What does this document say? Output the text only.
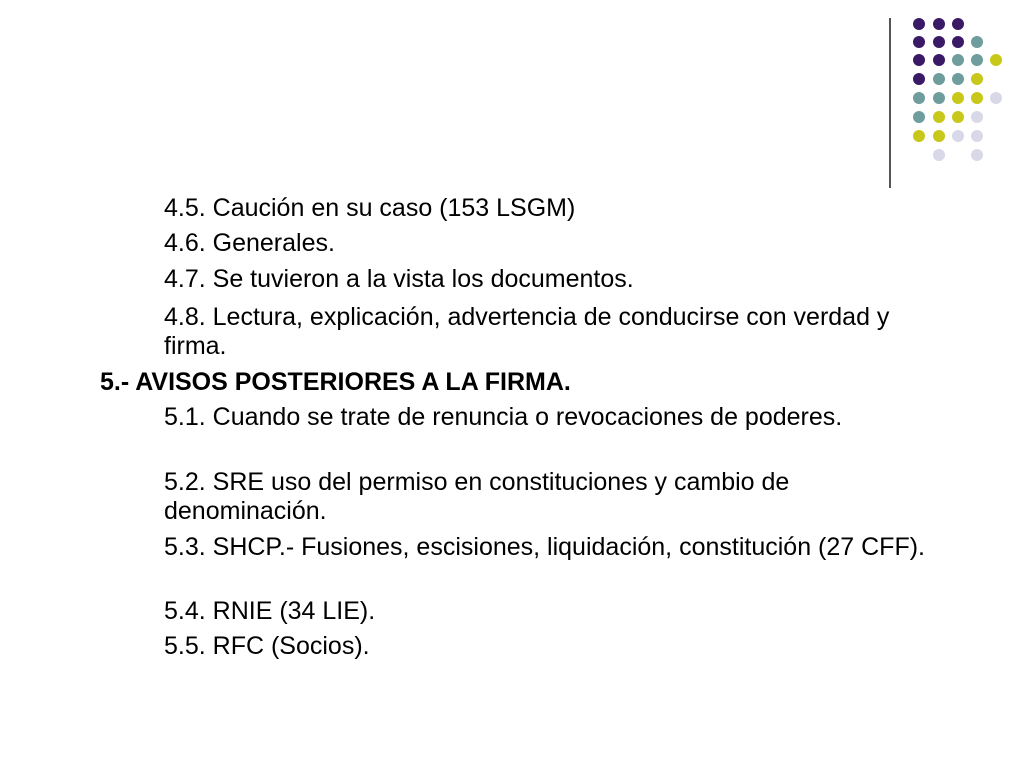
4.5. Caución en su caso (153 LSGM)

4.6. Generales.

4.7. Se tuvieron a la vista los documentos.

4.8. Lectura, explicación, advertencia de conducirse con verdad y firma.

5.- AVISOS POSTERIORES A LA FIRMA.

5.1. Cuando se trate de renuncia o revocaciones de poderes.

5.2. SRE uso del permiso en constituciones y cambio de denominación.

5.3. SHCP.- Fusiones, escisiones, liquidación, constitución (27 CFF).

5.4. RNIE (34 LIE).

5.5. RFC (Socios).
